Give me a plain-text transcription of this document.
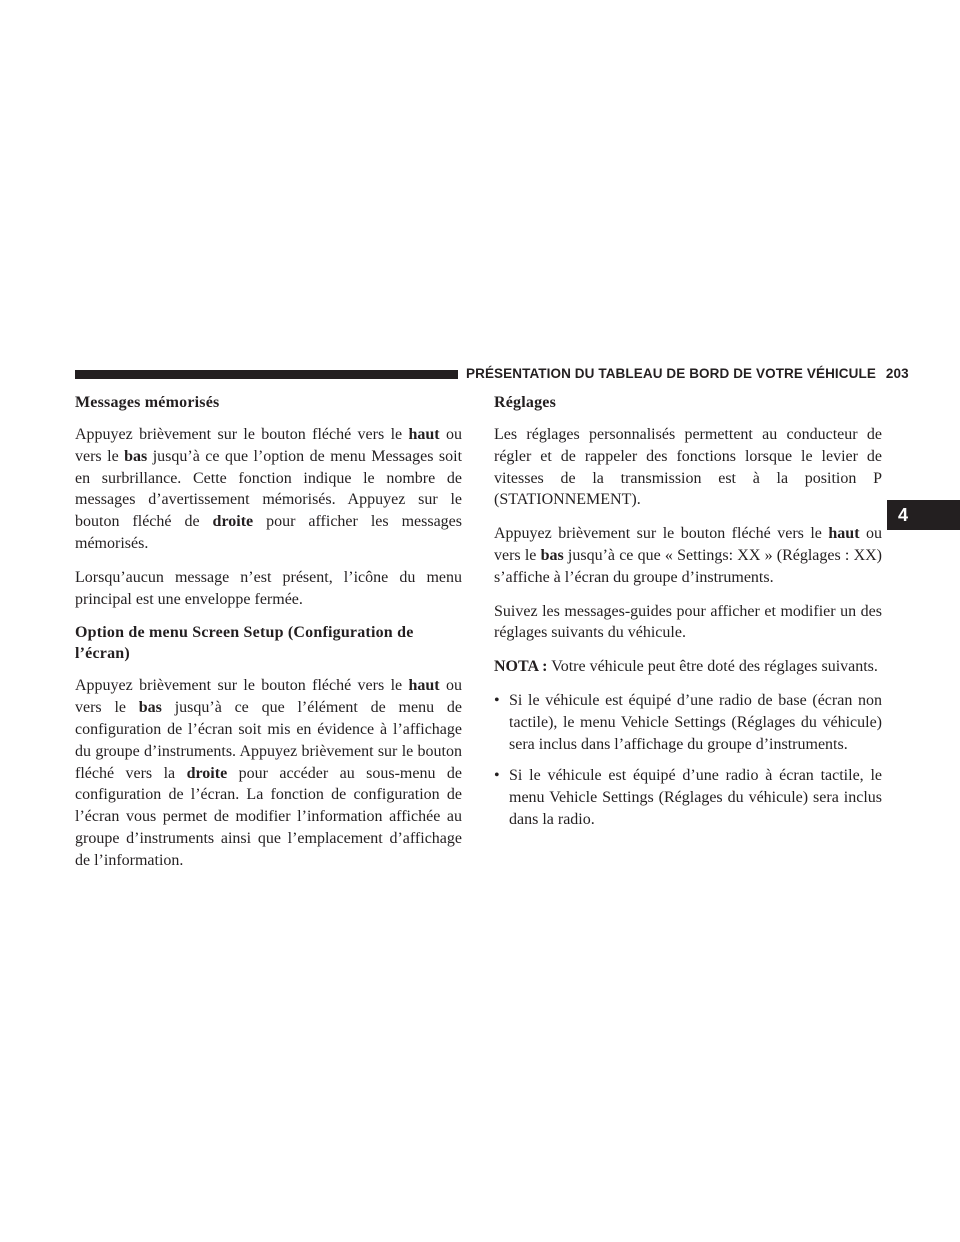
PRÉSENTATION DU TABLEAU DE BORD DE VOTRE VÉHICULE 203
4
Messages mémorisés

Appuyez brièvement sur le bouton fléché vers le haut ou vers le bas jusqu’à ce que l’option de menu Messages soit en surbrillance. Cette fonction indique le nombre de messages d’avertissement mémorisés. Appuyez sur le bouton fléché de droite pour afficher les messages mémorisés.

Lorsqu’aucun message n’est présent, l’icône du menu principal est une enveloppe fermée.

Option de menu Screen Setup (Configuration de l’écran)

Appuyez brièvement sur le bouton fléché vers le haut ou vers le bas jusqu’à ce que l’élément de menu de configuration de l’écran soit mis en évidence à l’affichage du groupe d’instruments. Appuyez brièvement sur le bouton fléché vers la droite pour accéder au sous-menu de configuration de l’écran. La fonction de configuration de l’écran vous permet de modifier l’information affichée au groupe d’instruments ainsi que l’emplacement d’affichage de l’information.

Réglages

Les réglages personnalisés permettent au conducteur de régler et de rappeler des fonctions lorsque le levier de vitesses de la transmission est à la position P (STATIONNEMENT).

Appuyez brièvement sur le bouton fléché vers le haut ou vers le bas jusqu’à ce que « Settings: XX » (Réglages : XX) s’affiche à l’écran du groupe d’instruments.

Suivez les messages-guides pour afficher et modifier un des réglages suivants du véhicule.

NOTA : Votre véhicule peut être doté des réglages suivants.

• Si le véhicule est équipé d’une radio de base (écran non tactile), le menu Vehicle Settings (Réglages du véhicule) sera inclus dans l’affichage du groupe d’instruments.
• Si le véhicule est équipé d’une radio à écran tactile, le menu Vehicle Settings (Réglages du véhicule) sera inclus dans la radio.
